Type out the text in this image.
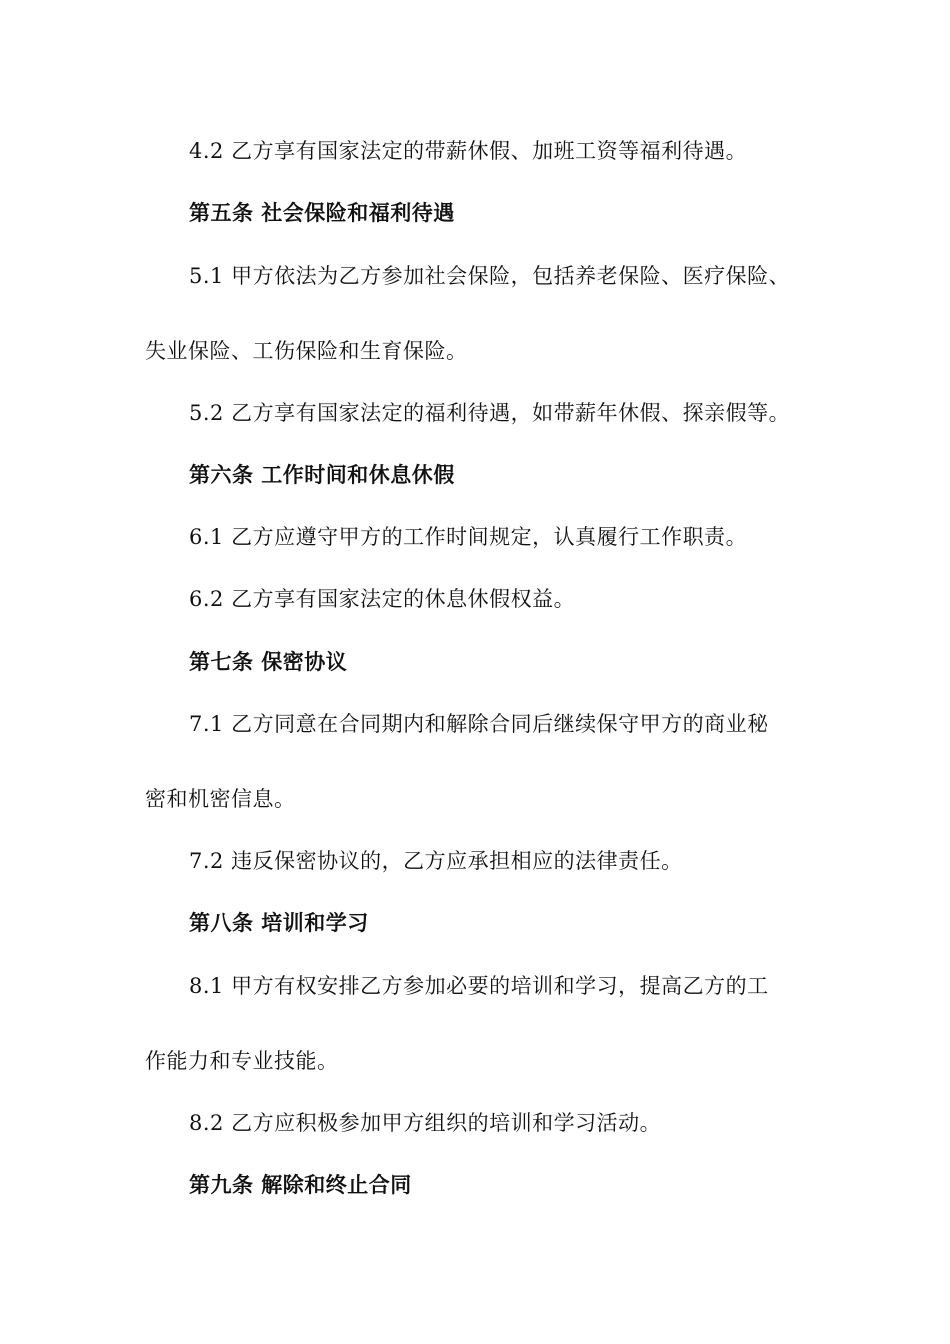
4.2 乙方享有国家法定的带薪休假、加班工资等福利待遇。
第五条 社会保险和福利待遇
5.1 甲方依法为乙方参加社会保险，包括养老保险、医疗保险、
失业保险、工伤保险和生育保险。
5.2 乙方享有国家法定的福利待遇，如带薪年休假、探亲假等。
第六条 工作时间和休息休假
6.1 乙方应遵守甲方的工作时间规定，认真履行工作职责。
6.2 乙方享有国家法定的休息休假权益。
第七条 保密协议
7.1 乙方同意在合同期内和解除合同后继续保守甲方的商业秘
密和机密信息。
7.2 违反保密协议的，乙方应承担相应的法律责任。
第八条 培训和学习
8.1 甲方有权安排乙方参加必要的培训和学习，提高乙方的工
作能力和专业技能。
8.2 乙方应积极参加甲方组织的培训和学习活动。
第九条 解除和终止合同
